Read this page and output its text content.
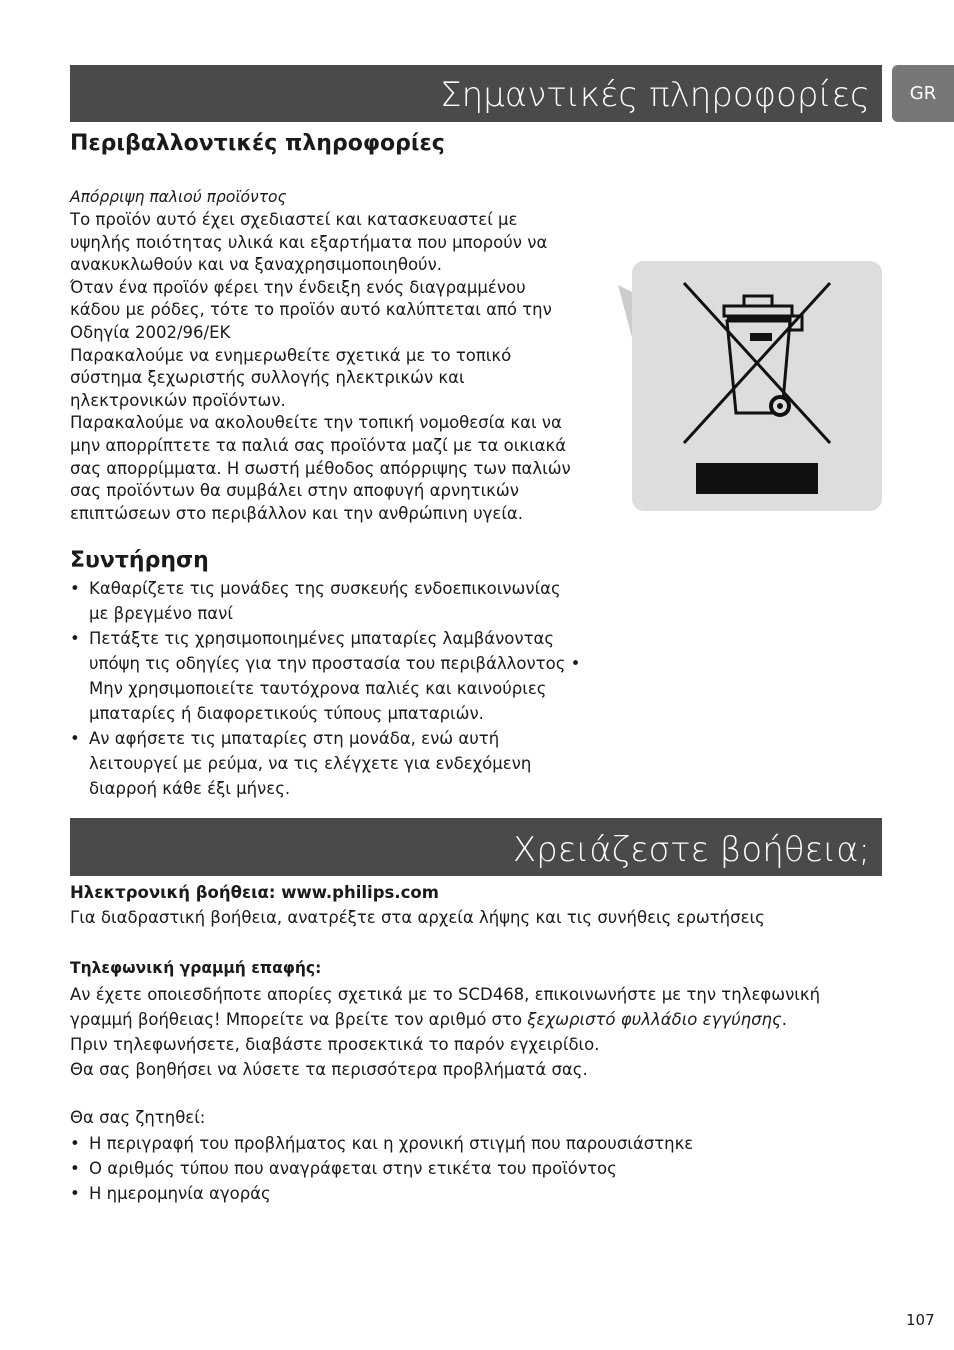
Σημαντικές πληροφορίες	GR
Περιβαλλοντικές πληροφορίες
Απόρριψη παλιού προϊόντος
Το προϊόν αυτό έχει σχεδιαστεί και κατασκευαστεί με
υψηλής ποιότητας υλικά και εξαρτήματα που μπορούν να
ανακυκλωθούν και να ξαναχρησιμοποιηθούν.
Όταν ένα προϊόν φέρει την ένδειξη ενός διαγραμμένου
κάδου με ρόδες, τότε το προϊόν αυτό καλύπτεται από την
Οδηγία 2002/96/ΕΚ
Παρακαλούμε να ενημερωθείτε σχετικά με το τοπικό
σύστημα ξεχωριστής συλλογής ηλεκτρικών και
ηλεκτρονικών προϊόντων.
Παρακαλούμε να ακολουθείτε την τοπική νομοθεσία και να
μην απορρίπτετε τα παλιά σας προϊόντα μαζί με τα οικιακά
σας απορρίμματα. Η σωστή μέθοδος απόρριψης των παλιών
σας προϊόντων θα συμβάλει στην αποφυγή αρνητικών
επιπτώσεων στο περιβάλλον και την ανθρώπινη υγεία.
Συντήρηση
• Καθαρίζετε τις μονάδες της συσκευής ενδοεπικοινωνίας
με βρεγμένο πανί
• Πετάξτε τις χρησιμοποιημένες μπαταρίες λαμβάνοντας
υπόψη τις οδηγίες για την προστασία του περιβάλλοντος •
Μην χρησιμοποιείτε ταυτόχρονα παλιές και καινούριες
μπαταρίες ή διαφορετικούς τύπους μπαταριών.
• Αν αφήσετε τις μπαταρίες στη μονάδα, ενώ αυτή
λειτουργεί με ρεύμα, να τις ελέγχετε για ενδεχόμενη
διαρροή κάθε έξι μήνες.
Χρειάζεστε βοήθεια;
Ηλεκτρονική βοήθεια: www.philips.com
Για διαδραστική βοήθεια, ανατρέξτε στα αρχεία λήψης και τις συνήθεις ερωτήσεις
Τηλεφωνική γραμμή επαφής:
Αν έχετε οποιεσδήποτε απορίες σχετικά με το SCD468, επικοινωνήστε με την τηλεφωνική
γραμμή βοήθειας! Μπορείτε να βρείτε τον αριθμό στο ξεχωριστό φυλλάδιο εγγύησης.
Πριν τηλεφωνήσετε, διαβάστε προσεκτικά το παρόν εγχειρίδιο.
Θα σας βοηθήσει να λύσετε τα περισσότερα προβλήματά σας.
Θα σας ζητηθεί:
• Η περιγραφή του προβλήματος και η χρονική στιγμή που παρουσιάστηκε
• Ο αριθμός τύπου που αναγράφεται στην ετικέτα του προϊόντος
• Η ημερομηνία αγοράς
107
